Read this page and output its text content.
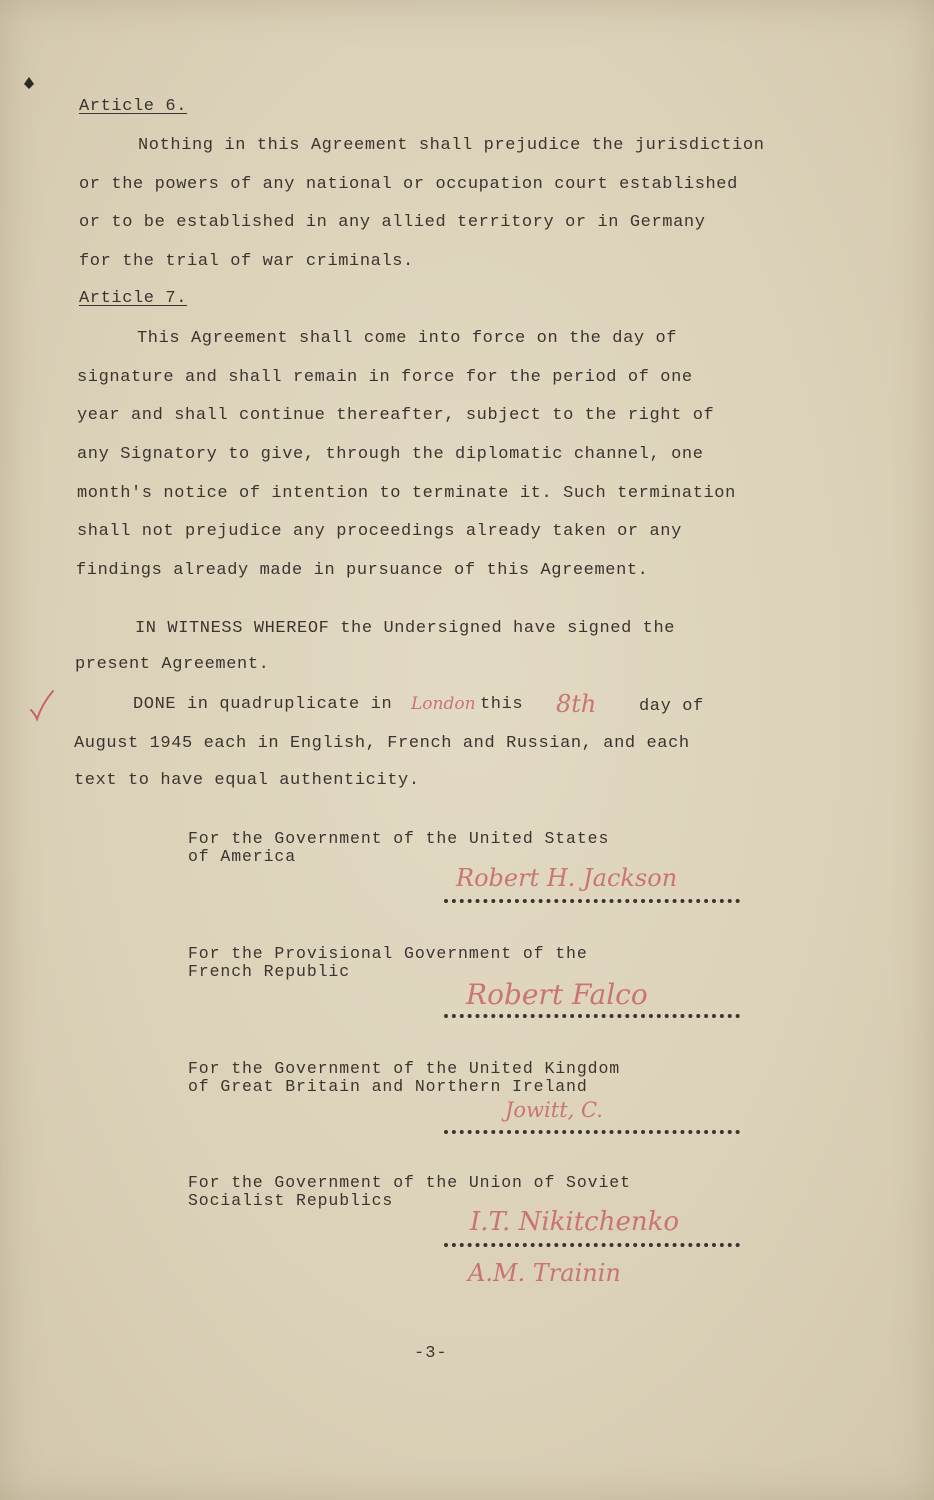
Article 6.
Nothing in this Agreement shall prejudice the jurisdiction
or the powers of any national or occupation court established
or to be established in any allied territory or in Germany
for the trial of war criminals.
Article 7.
This Agreement shall come into force on the day of
signature and shall remain in force for the period of one
year and shall continue thereafter, subject to the right of
any Signatory to give, through the diplomatic channel, one
month's notice of intention to terminate it. Such termination
shall not prejudice any proceedings already taken or any
findings already made in pursuance of this Agreement.
IN WITNESS WHEREOF the Undersigned have signed the
present Agreement.
DONE in quadruplicate in London this 8th	day of
August 1945 each in English, French and Russian, and each
text to have equal authenticity.
For the Government of the United States
of America
Robert H. Jackson
For the Provisional Government of the
French Republic
Robert Falco
For the Government of the United Kingdom
of Great Britain and Northern Ireland
Jowitt, C.
For the Government of the Union of Soviet
Socialist Republics
I.T. Nikitchenko
A.M. Trainin
-3-
